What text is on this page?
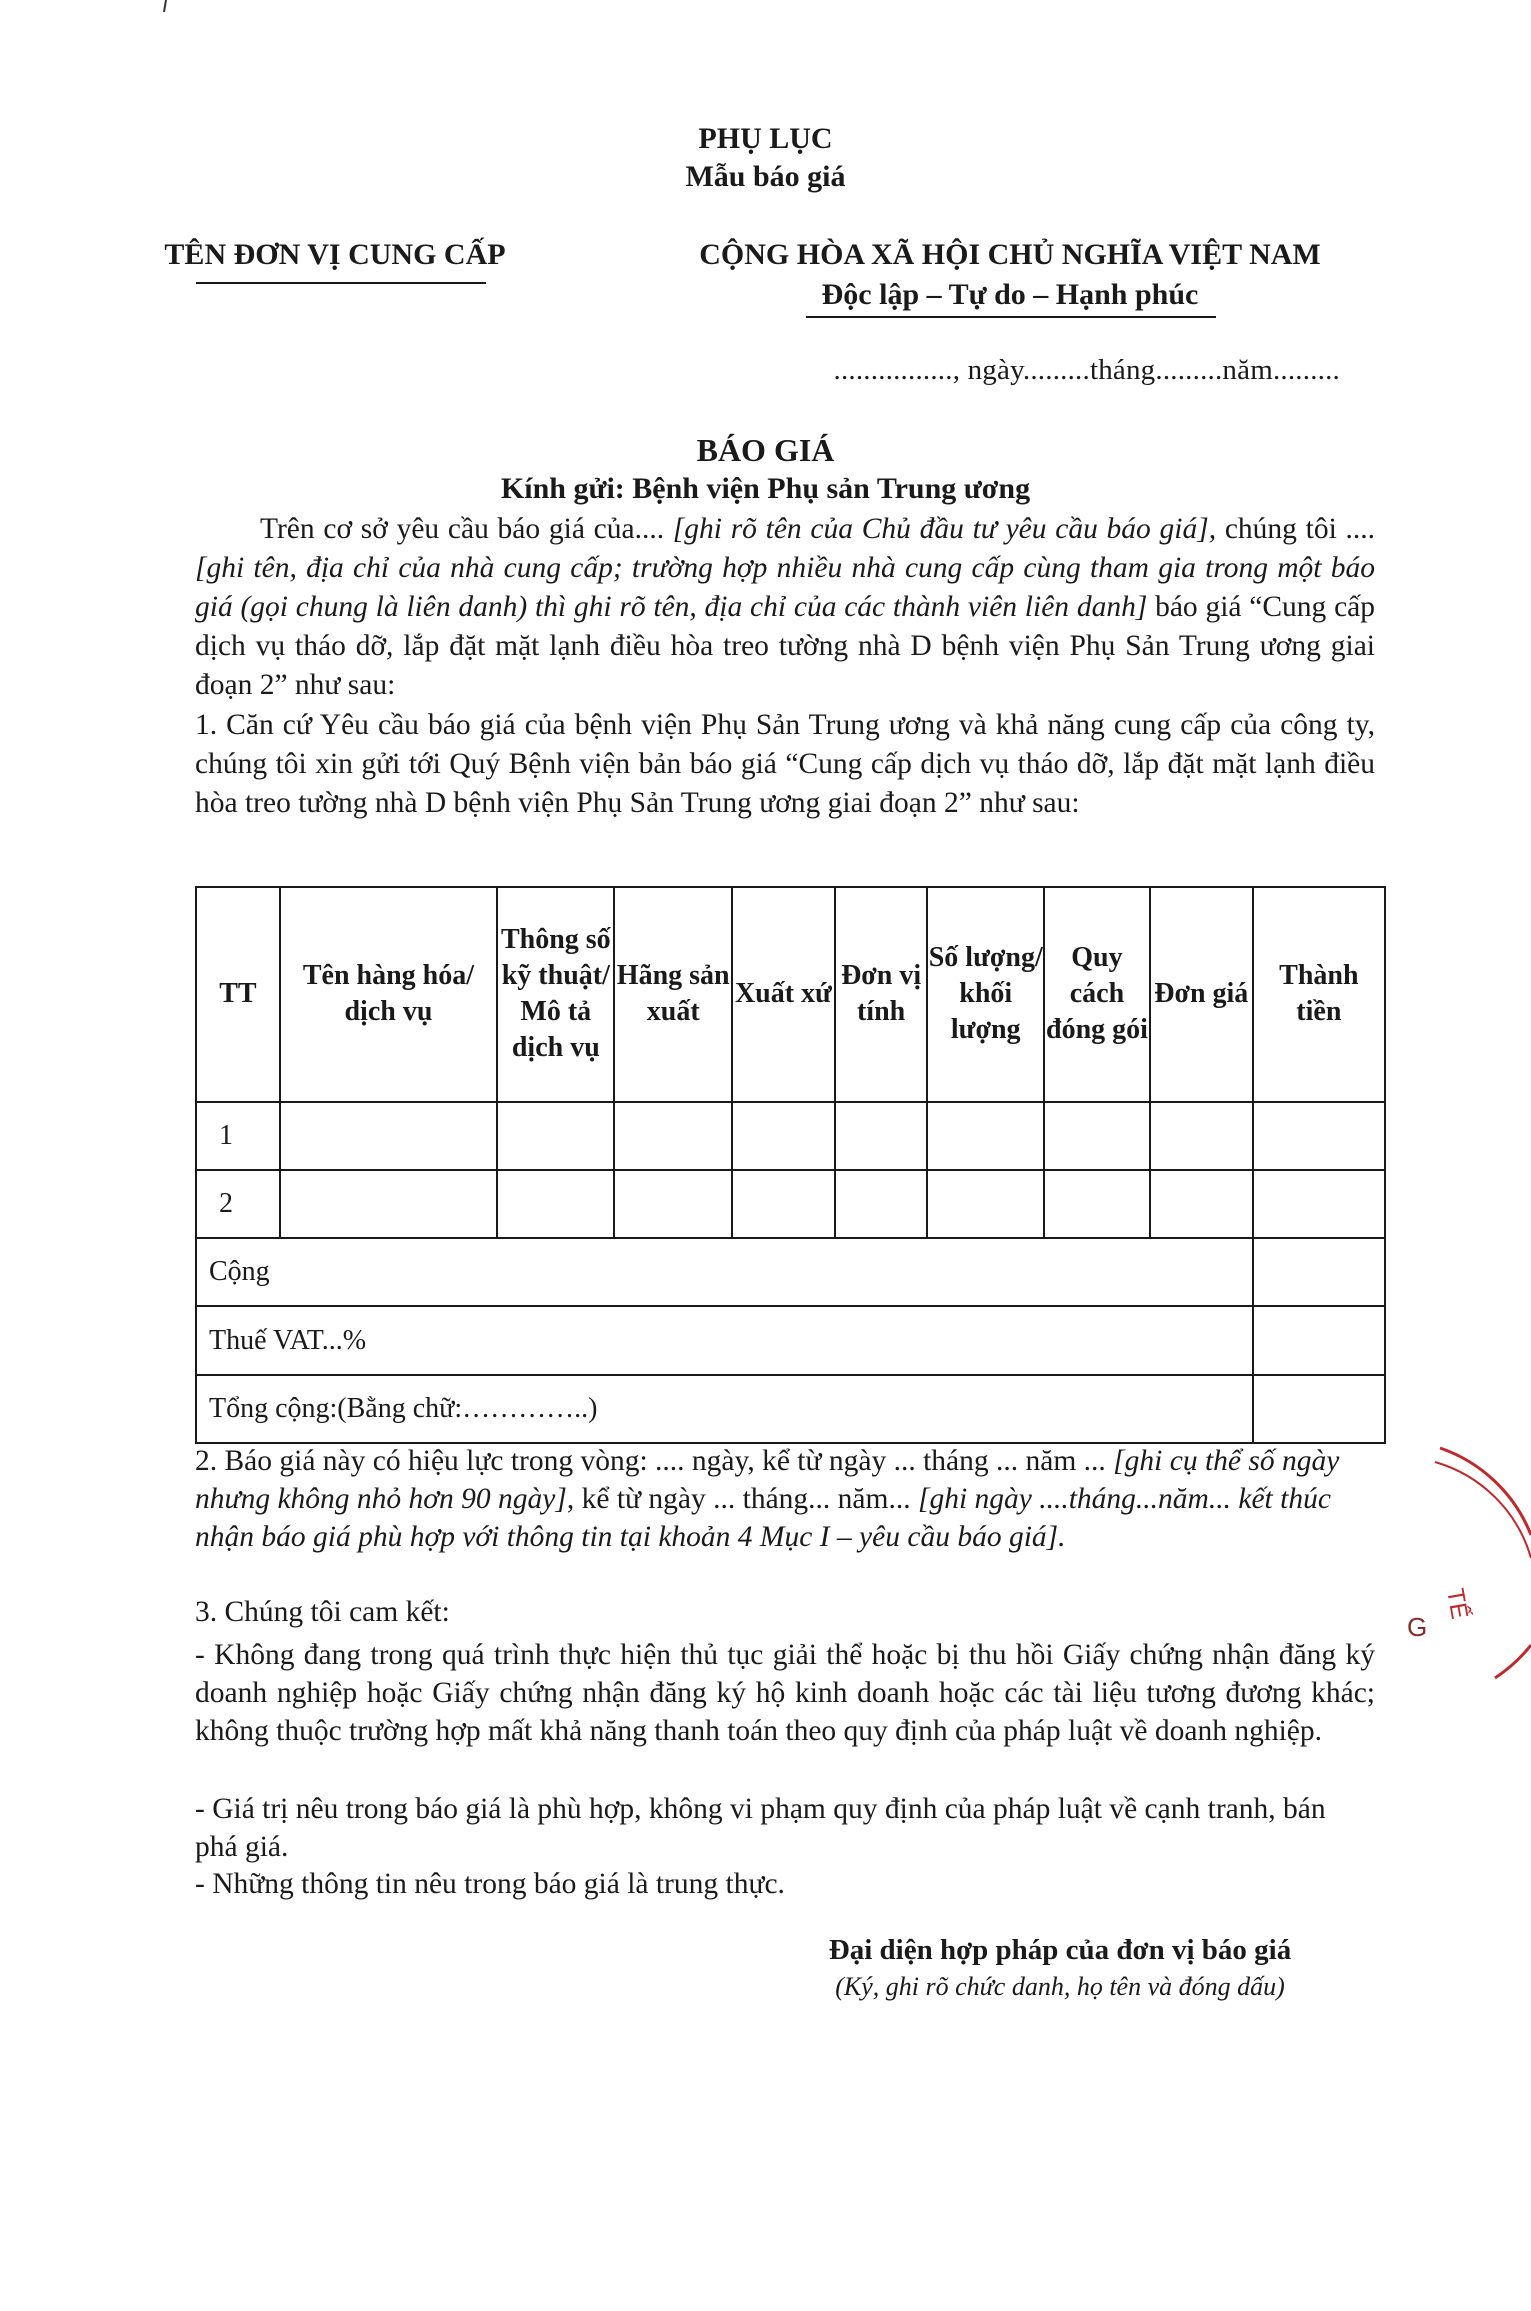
PHỤ LỤC
Mẫu báo giá
TÊN ĐƠN VỊ CUNG CẤP	CỘNG HÒA XÃ HỘI CHỦ NGHĨA VIỆT NAM
Độc lập – Tự do – Hạnh phúc
................, ngày.........tháng.........năm.........
BÁO GIÁ
Kính gửi: Bệnh viện Phụ sản Trung ương
Trên cơ sở yêu cầu báo giá của.... [ghi rõ tên của Chủ đầu tư yêu cầu báo giá], chúng tôi .... [ghi tên, địa chỉ của nhà cung cấp; trường hợp nhiều nhà cung cấp cùng tham gia trong một báo giá (gọi chung là liên danh) thì ghi rõ tên, địa chỉ của các thành viên liên danh] báo giá “Cung cấp dịch vụ tháo dỡ, lắp đặt mặt lạnh điều hòa treo tường nhà D bệnh viện Phụ Sản Trung ương giai đoạn 2” như sau:
1. Căn cứ Yêu cầu báo giá của bệnh viện Phụ Sản Trung ương và khả năng cung cấp của công ty, chúng tôi xin gửi tới Quý Bệnh viện bản báo giá “Cung cấp dịch vụ tháo dỡ, lắp đặt mặt lạnh điều hòa treo tường nhà D bệnh viện Phụ Sản Trung ương giai đoạn 2” như sau:
TT	Tên hàng hóa/ dịch vụ	Thông số kỹ thuật/ Mô tả dịch vụ	Hãng sản xuất	Xuất xứ	Đơn vị tính	Số lượng/ khối lượng	Quy cách đóng gói	Đơn giá	Thành tiền
1									
2									
Cộng									
Thuế VAT...%									
Tổng cộng:(Bằng chữ:…………..)									
2. Báo giá này có hiệu lực trong vòng: .... ngày, kể từ ngày ... tháng ... năm ... [ghi cụ thể số ngày nhưng không nhỏ hơn 90 ngày], kể từ ngày ... tháng... năm... [ghi ngày ....tháng...năm... kết thúc nhận báo giá phù hợp với thông tin tại khoản 4 Mục I – yêu cầu báo giá].
3. Chúng tôi cam kết:
- Không đang trong quá trình thực hiện thủ tục giải thể hoặc bị thu hồi Giấy chứng nhận đăng ký doanh nghiệp hoặc Giấy chứng nhận đăng ký hộ kinh doanh hoặc các tài liệu tương đương khác; không thuộc trường hợp mất khả năng thanh toán theo quy định của pháp luật về doanh nghiệp.
- Giá trị nêu trong báo giá là phù hợp, không vi phạm quy định của pháp luật về cạnh tranh, bán phá giá.
- Những thông tin nêu trong báo giá là trung thực.
Đại diện hợp pháp của đơn vị báo giá
(Ký, ghi rõ chức danh, họ tên và đóng dấu)
TẾ
G
